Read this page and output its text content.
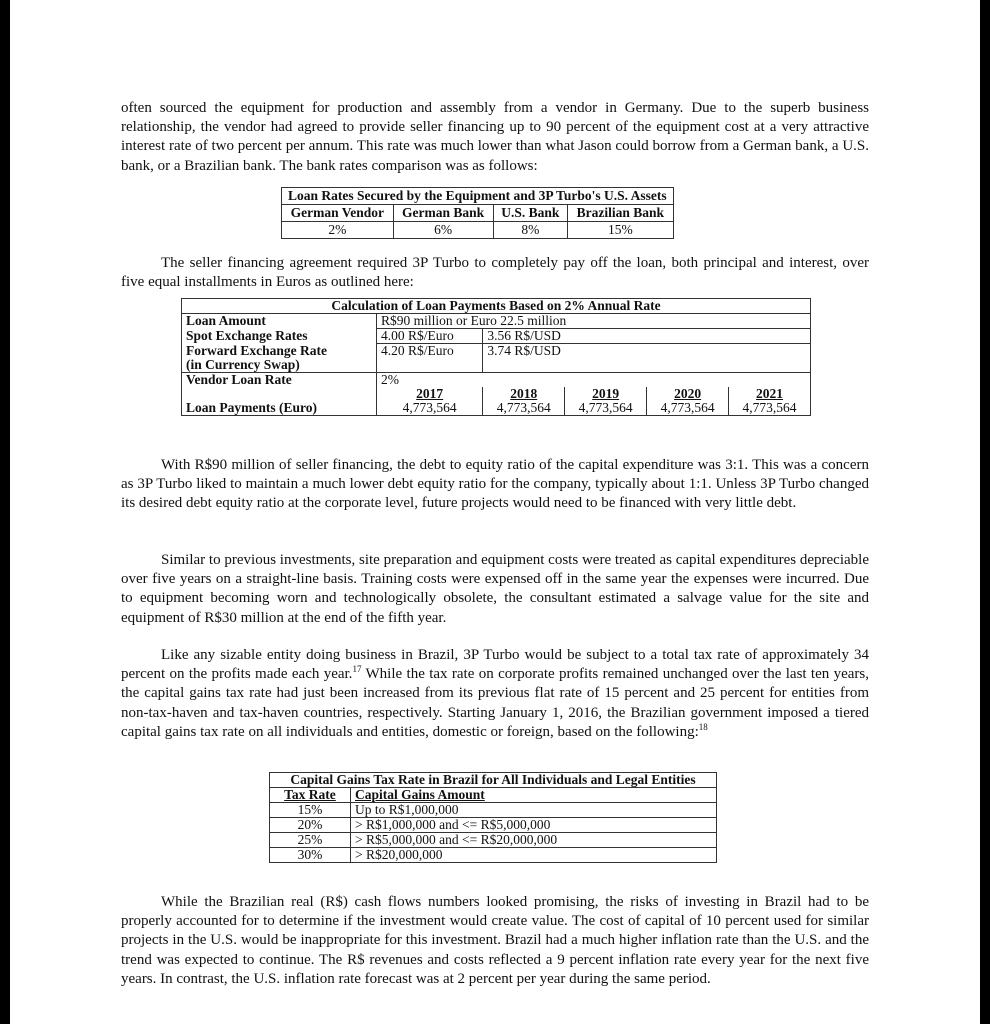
often sourced the equipment for production and assembly from a vendor in Germany. Due to the superb business relationship, the vendor had agreed to provide seller financing up to 90 percent of the equipment cost at a very attractive interest rate of two percent per annum. This rate was much lower than what Jason could borrow from a German bank, a U.S. bank, or a Brazilian bank. The bank rates comparison was as follows:

Loan Rates Secured by the Equipment and 3P Turbo's U.S. Assets			
German Vendor	German Bank	U.S. Bank	Brazilian Bank
2%	6%	8%	15%

The seller financing agreement required 3P Turbo to completely pay off the loan, both principal and interest, over five equal installments in Euros as outlined here:

Calculation of Loan Payments Based on 2% Annual Rate					
Loan Amount	R$90 million or Euro 22.5 million				
Spot Exchange Rates	4.00 R$/Euro	3.56 R$/USD			
Forward Exchange Rate
(in Currency Swap)	4.20 R$/Euro	3.74 R$/USD			
Vendor Loan Rate	2%				
Loan Payments (Euro)	2017	2018	2019	2020	2021
	4,773,564	4,773,564	4,773,564	4,773,564	4,773,564

With R$90 million of seller financing, the debt to equity ratio of the capital expenditure was 3:1. This was a concern as 3P Turbo liked to maintain a much lower debt equity ratio for the company, typically about 1:1. Unless 3P Turbo changed its desired debt equity ratio at the corporate level, future projects would need to be financed with very little debt.

Similar to previous investments, site preparation and equipment costs were treated as capital expenditures depreciable over five years on a straight-line basis. Training costs were expensed off in the same year the expenses were incurred. Due to equipment becoming worn and technologically obsolete, the consultant estimated a salvage value for the site and equipment of R$30 million at the end of the fifth year.

Like any sizable entity doing business in Brazil, 3P Turbo would be subject to a total tax rate of approximately 34 percent on the profits made each year.$^{17}$ While the tax rate on corporate profits remained unchanged over the last ten years, the capital gains tax rate had just been increased from its previous flat rate of 15 percent and 25 percent for entities from non-tax-haven and tax-haven countries, respectively. Starting January 1, 2016, the Brazilian government imposed a tiered capital gains tax rate on all individuals and entities, domestic or foreign, based on the following:$^{18}$

Capital Gains Tax Rate in Brazil for All Individuals and Legal Entities	
Tax Rate	Capital Gains Amount
15%	Up to R$1,000,000
20%	> R$1,000,000 and <= R$5,000,000
25%	> R$5,000,000 and <= R$20,000,000
30%	> R$20,000,000

While the Brazilian real (R$) cash flows numbers looked promising, the risks of investing in Brazil had to be properly accounted for to determine if the investment would create value. The cost of capital of 10 percent used for similar projects in the U.S. would be inappropriate for this investment. Brazil had a much higher inflation rate than the U.S. and the trend was expected to continue. The R$ revenues and costs reflected a 9 percent inflation rate every year for the next five years. In contrast, the U.S. inflation rate forecast was at 2 percent per year during the same period.
